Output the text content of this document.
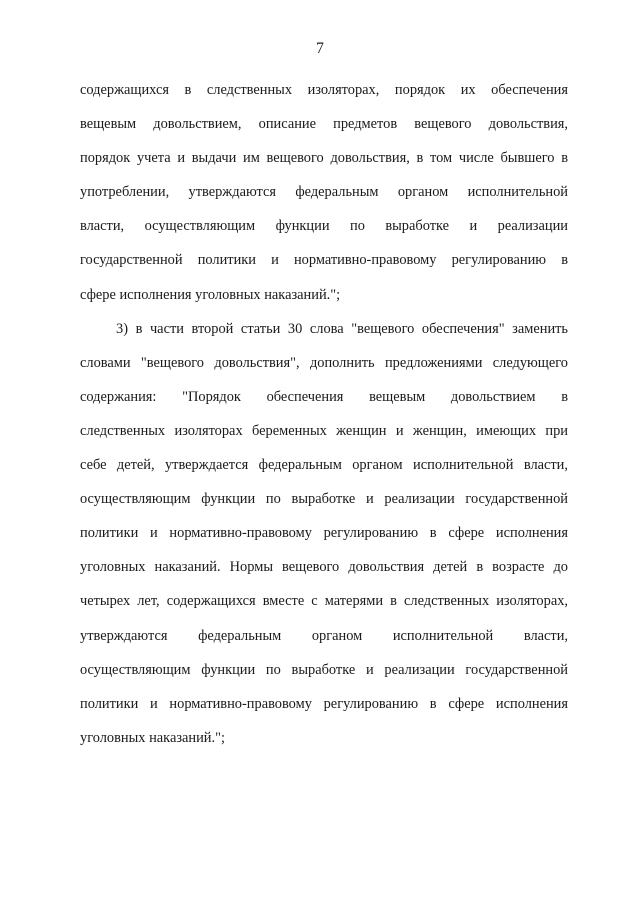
7
содержащихся в следственных изоляторах, порядок их обеспечения
вещевым довольствием, описание предметов вещевого довольствия,
порядок учета и выдачи им вещевого довольствия, в том числе бывшего в
употреблении, утверждаются федеральным органом исполнительной
власти, осуществляющим функции по выработке и реализации
государственной политики и нормативно-правовому регулированию в
сфере исполнения уголовных наказаний.";
3) в части второй статьи 30 слова "вещевого обеспечения" заменить
словами "вещевого довольствия", дополнить предложениями следующего
содержания: "Порядок обеспечения вещевым довольствием в
следственных изоляторах беременных женщин и женщин, имеющих при
себе детей, утверждается федеральным органом исполнительной власти,
осуществляющим функции по выработке и реализации государственной
политики и нормативно-правовому регулированию в сфере исполнения
уголовных наказаний. Нормы вещевого довольствия детей в возрасте до
четырех лет, содержащихся вместе с матерями в следственных изоляторах,
утверждаются федеральным органом исполнительной власти,
осуществляющим функции по выработке и реализации государственной
политики и нормативно-правовому регулированию в сфере исполнения
уголовных наказаний.";
